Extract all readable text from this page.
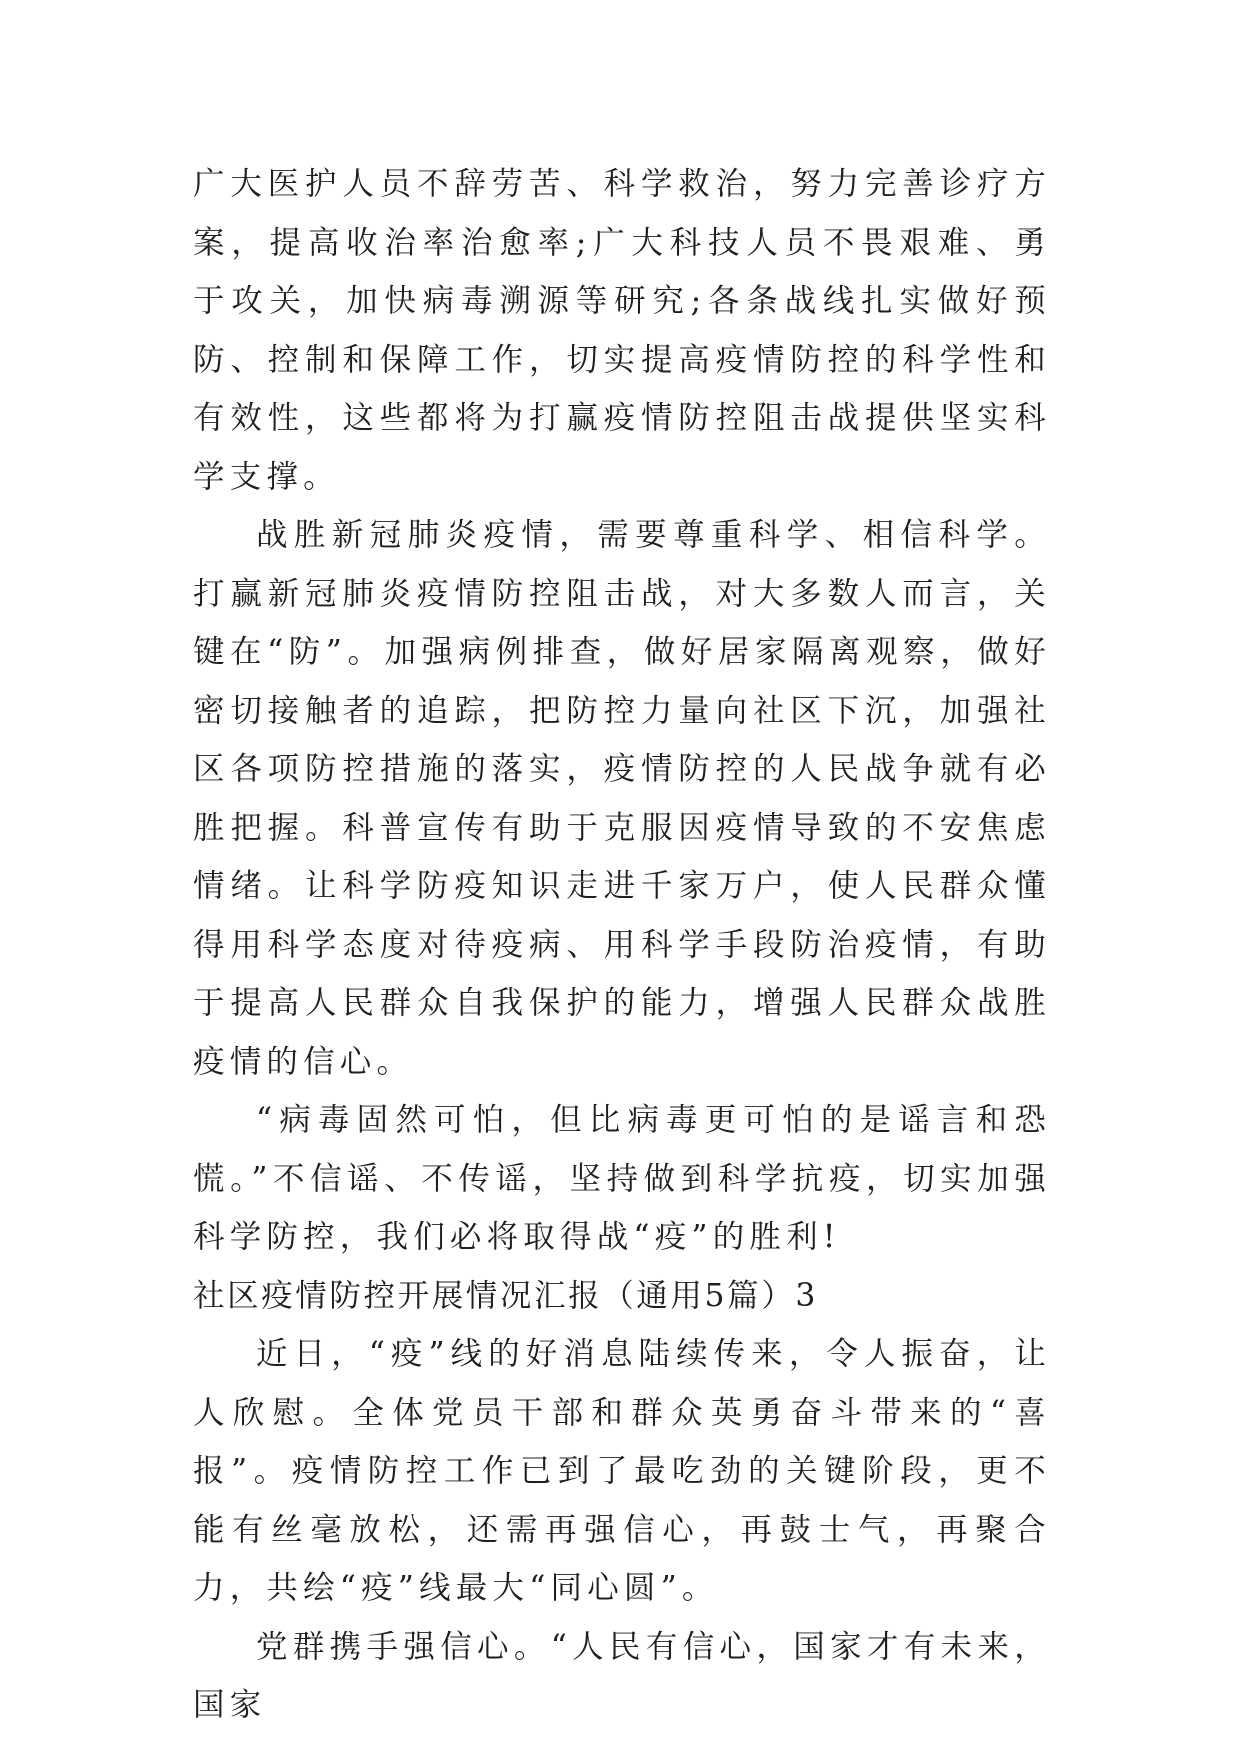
广大医护人员不辞劳苦、科学救治，努力完善诊疗方案，提高收治率治愈率;广大科技人员不畏艰难、勇于攻关，加快病毒溯源等研究;各条战线扎实做好预防、控制和保障工作，切实提高疫情防控的科学性和有效性，这些都将为打赢疫情防控阻击战提供坚实科学支撑。

战胜新冠肺炎疫情，需要尊重科学、相信科学。打赢新冠肺炎疫情防控阻击战，对大多数人而言，关键在“防”。加强病例排查，做好居家隔离观察，做好密切接触者的追踪，把防控力量向社区下沉，加强社区各项防控措施的落实，疫情防控的人民战争就有必胜把握。科普宣传有助于克服因疫情导致的不安焦虑情绪。让科学防疫知识走进千家万户，使人民群众懂得用科学态度对待疫病、用科学手段防治疫情，有助于提高人民群众自我保护的能力，增强人民群众战胜疫情的信心。

“病毒固然可怕，但比病毒更可怕的是谣言和恐慌。”不信谣、不传谣，坚持做到科学抗疫，切实加强科学防控，我们必将取得战“疫”的胜利!

社区疫情防控开展情况汇报（通用5篇）3

近日，“疫”线的好消息陆续传来，令人振奋，让人欣慰。全体党员干部和群众英勇奋斗带来的“喜报”。疫情防控工作已到了最吃劲的关键阶段，更不能有丝毫放松，还需再强信心，再鼓士气，再聚合力，共绘“疫”线最大“同心圆”。

党群携手强信心。“人民有信心，国家才有未来，国家
